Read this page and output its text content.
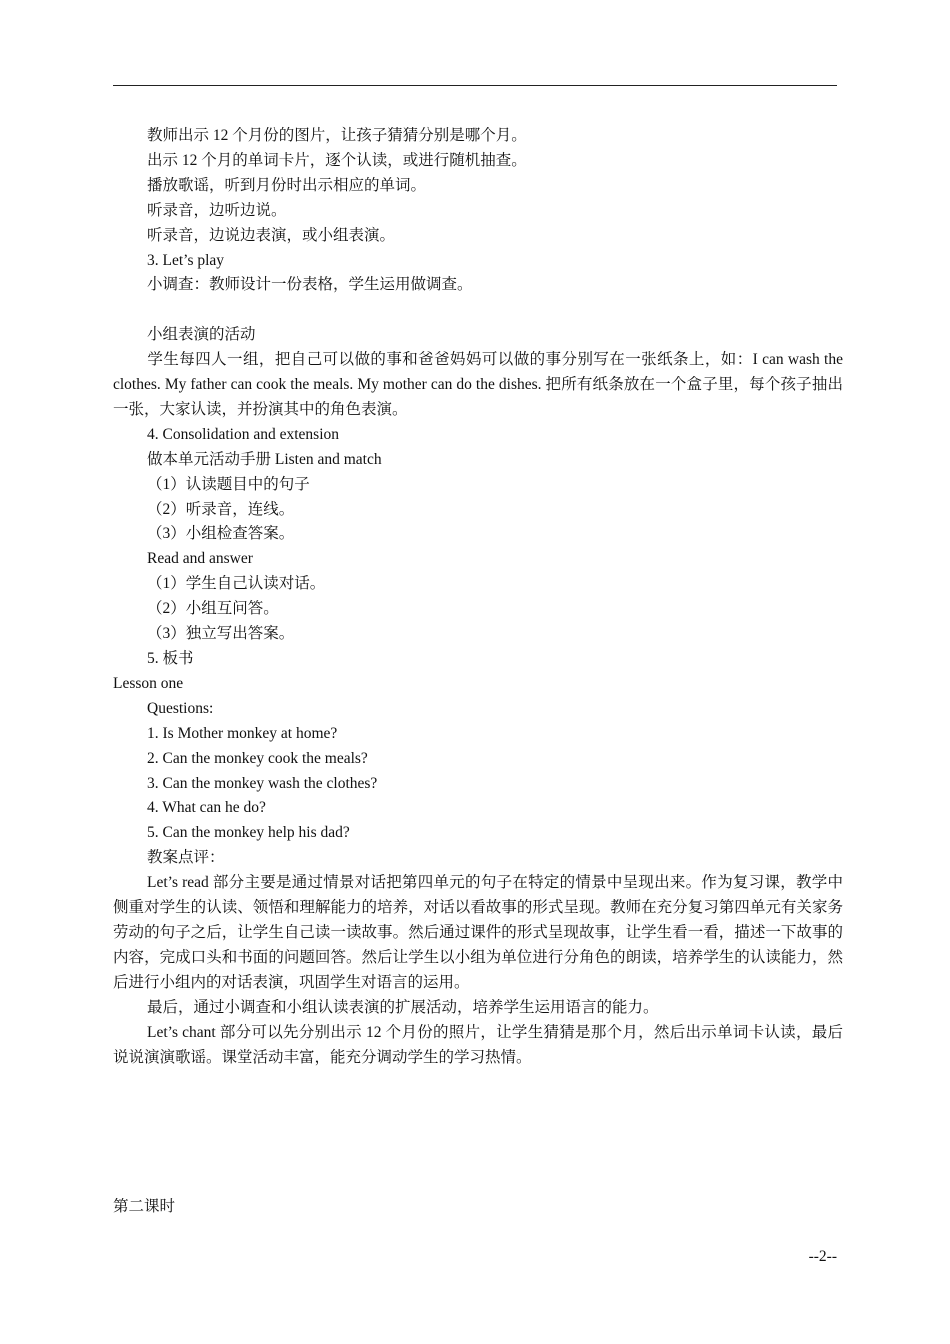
教师出示 12 个月份的图片，让孩子猜猜分别是哪个月。
出示 12 个月的单词卡片，逐个认读，或进行随机抽查。
播放歌谣，听到月份时出示相应的单词。
听录音，边听边说。
听录音，边说边表演，或小组表演。
3. Let’s play
小调查：教师设计一份表格，学生运用做调查。
小组表演的活动
学生每四人一组，把自己可以做的事和爸爸妈妈可以做的事分别写在一张纸条上，如：I can wash the clothes. My father can cook the meals. My mother can do the dishes. 把所有纸条放在一个盒子里，每个孩子抽出一张，大家认读，并扮演其中的角色表演。
4. Consolidation and extension
做本单元活动手册 Listen and match
（1）认读题目中的句子
（2）听录音，连线。
（3）小组检查答案。
Read and answer
（1）学生自己认读对话。
（2）小组互问答。
（3）独立写出答案。
5. 板书
Lesson one
Questions:
1. Is Mother monkey at home?
2. Can the monkey cook the meals?
3. Can the monkey wash the clothes?
4. What can he do?
5. Can the monkey help his dad?
教案点评：
Let’s read 部分主要是通过情景对话把第四单元的句子在特定的情景中呈现出来。作为复习课，教学中侧重对学生的认读、领悟和理解能力的培养，对话以看故事的形式呈现。教师在充分复习第四单元有关家务劳动的句子之后，让学生自己读一读故事。然后通过课件的形式呈现故事，让学生看一看，描述一下故事的内容，完成口头和书面的问题回答。然后让学生以小组为单位进行分角色的朗读，培养学生的认读能力，然后进行小组内的对话表演，巩固学生对语言的运用。
最后，通过小调查和小组认读表演的扩展活动，培养学生运用语言的能力。
Let’s chant 部分可以先分别出示 12 个月份的照片，让学生猜猜是那个月，然后出示单词卡认读，最后说说演演歌谣。课堂活动丰富，能充分调动学生的学习热情。
第二课时
--2--
